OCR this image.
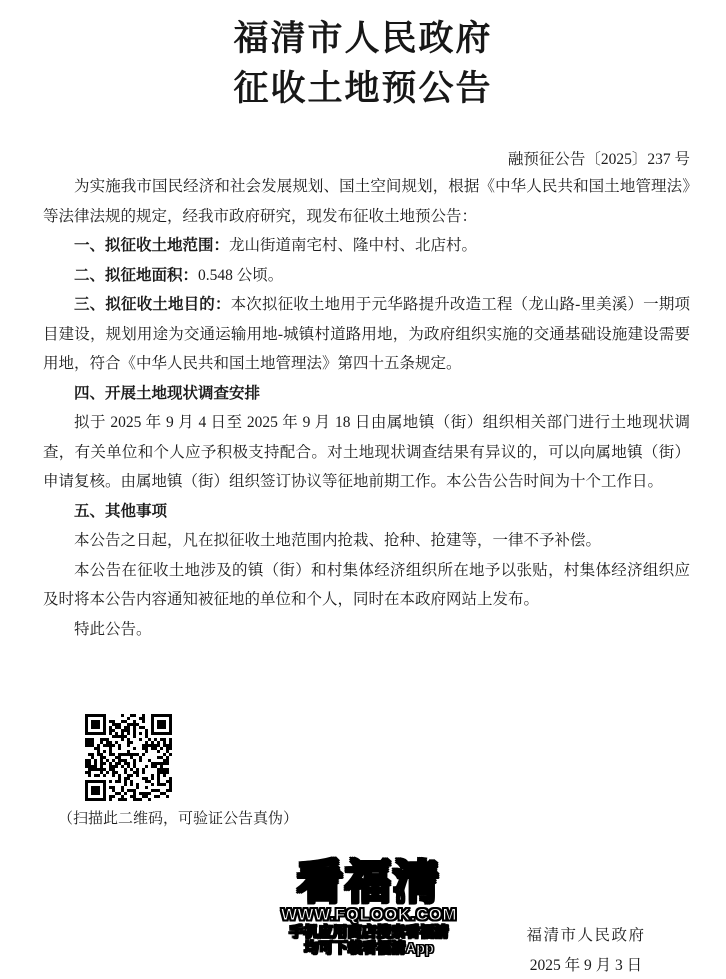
福清市人民政府
征收土地预公告
融预征公告〔2025〕237 号

为实施我市国民经济和社会发展规划、国土空间规划，根据《中华人民共和国土地管理法》等法律法规的规定，经我市政府研究，现发布征收土地预公告：

一、拟征收土地范围：龙山街道南宅村、隆中村、北店村。

二、拟征地面积：0.548 公顷。

三、拟征收土地目的：本次拟征收土地用于元华路提升改造工程（龙山路-里美溪）一期项目建设，规划用途为交通运输用地-城镇村道路用地，为政府组织实施的交通基础设施建设需要用地，符合《中华人民共和国土地管理法》第四十五条规定。

四、开展土地现状调查安排

拟于 2025 年 9 月 4 日至 2025 年 9 月 18 日由属地镇（街）组织相关部门进行土地现状调查，有关单位和个人应予积极支持配合。对土地现状调查结果有异议的，可以向属地镇（街）申请复核。由属地镇（街）组织签订协议等征地前期工作。本公告公告时间为十个工作日。

五、其他事项

本公告之日起，凡在拟征收土地范围内抢栽、抢种、抢建等，一律不予补偿。

本公告在征收土地涉及的镇（街）和村集体经济组织所在地予以张贴，村集体经济组织应及时将本公告内容通知被征地的单位和个人，同时在本政府网站上发布。

特此公告。

（扫描此二维码，可验证公告真伪）
看福清
WWW.FQLOOK.COM
手机应用商店搜索看福清
均可下载看福清App
福清市人民政府
2025 年 9 月 3 日
